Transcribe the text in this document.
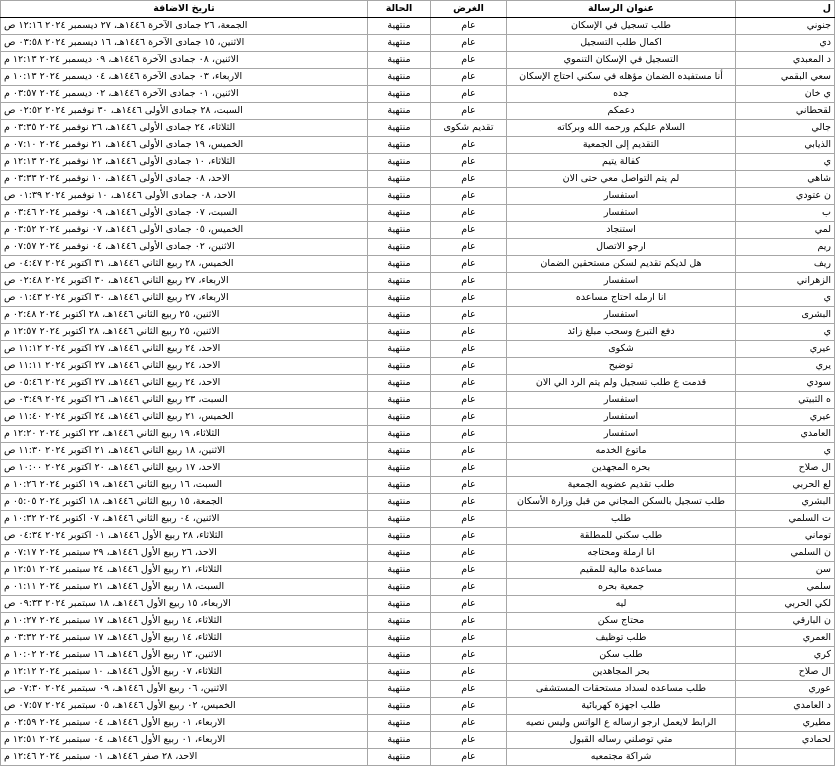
تاريخ الاضافة	الحالة	الغرض	عنوان الرسالة	ل
الجمعة، ٢٦ جمادى الآخرة ١٤٤٦هـ، ٢٧ ديسمبر ٢٠٢٤ ١٢:١٦ ص	منتهية	عام	طلب تسجيل في الإسكان	جنوني
الاثنين، ١٥ جمادى الآخرة ١٤٤٦هـ، ١٦ ديسمبر ٢٠٢٤ ٠٣:٥٨ ص	منتهية	عام	اكمال طلب التسجيل	دي
الاثنين، ٠٨ جمادى الآخرة ١٤٤٦هـ، ٠٩ ديسمبر ٢٠٢٤ ١٢:١٣ م	منتهية	عام	التسجيل في الإسكان التنموي	د المعبدي
الاربعاء، ٠٣ جمادى الآخرة ١٤٤٦هـ، ٠٤ ديسمبر ٢٠٢٤ ١٠:١٣ م	منتهية	عام	أنا مستفيده الضمان مؤهله في سكني احتاج الإسكان	سعي البقمي
الاثنين، ٠١ جمادى الآخرة ١٤٤٦هـ، ٠٢ ديسمبر ٢٠٢٤ ٠٣:٥٧ م	منتهية	عام	جده	ي خان
السبت، ٢٨ جمادى الأولى ١٤٤٦هـ، ٣٠ نوفمبر ٢٠٢٤ ٠٢:٥٢ ص	منتهية	عام	دعمكم	لقحطاني
الثلاثاء، ٢٤ جمادى الأولى ١٤٤٦هـ، ٢٦ نوفمبر ٢٠٢٤ ٠٣:٣٥ م	منتهية	تقديم شكوى	السلام عليكم ورحمه الله وبركاته	جالي
الخميس، ١٩ جمادى الأولى ١٤٤٦هـ، ٢١ نوفمبر ٢٠٢٤ ٠٧:١٠ م	منتهية	عام	التقديم إلى الجمعية	الذيابي
الثلاثاء، ١٠ جمادى الأولى ١٤٤٦هـ، ١٢ نوفمبر ٢٠٢٤ ١٢:١٣ م	منتهية	عام	كفالة يتيم	ي
الاحد، ٠٨ جمادى الأولى ١٤٤٦هـ، ١٠ نوفمبر ٢٠٢٤ ٠٣:٣٣ م	منتهية	عام	لم يتم التواصل معي حتى الان	شاهي
الاحد، ٠٨ جمادى الأولى ١٤٤٦هـ، ١٠ نوفمبر ٢٠٢٤ ٠١:٣٩ ص	منتهية	عام	استفسار	ن عتودي
السبت، ٠٧ جمادى الأولى ١٤٤٦هـ، ٠٩ نوفمبر ٢٠٢٤ ٠٣:٤٦ م	منتهية	عام	استفسار	ب
الخميس، ٠٥ جمادى الأولى ١٤٤٦هـ، ٠٧ نوفمبر ٢٠٢٤ ٠٣:٥٢ م	منتهية	عام	استنجاد	لمي
الاثنين، ٠٢ جمادى الأولى ١٤٤٦هـ، ٠٤ نوفمبر ٢٠٢٤ ٠٧:٥٧ م	منتهية	عام	ارجو الاتصال	ريم
الخميس، ٢٨ ربيع الثاني ١٤٤٦هـ، ٣١ اكتوبر ٢٠٢٤ ٠٤:٤٧ ص	منتهية	عام	هل لديكم تقديم لسكن مستحقين الضمان	ريف
الاربعاء، ٢٧ ربيع الثاني ١٤٤٦هـ، ٣٠ اكتوبر ٢٠٢٤ ٠٢:٤٨ ص	منتهية	عام	استفسار	الزهراني
الاربعاء، ٢٧ ربيع الثاني ١٤٤٦هـ، ٣٠ اكتوبر ٢٠٢٤ ٠١:٤٣ ص	منتهية	عام	انا ارمله احتاج مساعده	ي
الاثنين، ٢٥ ربيع الثاني ١٤٤٦هـ، ٢٨ اكتوبر ٢٠٢٤ ٠٢:٤٨ م	منتهية	عام	استفسار	البشرى
الاثنين، ٢٥ ربيع الثاني ١٤٤٦هـ، ٢٨ اكتوبر ٢٠٢٤ ١٢:٥٧ م	منتهية	عام	دفع التبرع وسحب مبلغ زائد	ي
الاحد، ٢٤ ربيع الثاني ١٤٤٦هـ، ٢٧ اكتوبر ٢٠٢٤ ١١:١٢ ص	منتهية	عام	شكوى	عيري
الاحد، ٢٤ ربيع الثاني ١٤٤٦هـ، ٢٧ اكتوبر ٢٠٢٤ ١١:١١ ص	منتهية	عام	توضيح	يري
الاحد، ٢٤ ربيع الثاني ١٤٤٦هـ، ٢٧ اكتوبر ٢٠٢٤ ٠٥:٤٦ ص	منتهية	عام	قدمت ع طلب تسجيل ولم يتم الرد الي الان	سودي
السبت، ٢٣ ربيع الثاني ١٤٤٦هـ، ٢٦ اكتوبر ٢٠٢٤ ٠٣:٤٩ ص	منتهية	عام	استفسار	ه الثبيتي
الخميس، ٢١ ربيع الثاني ١٤٤٦هـ، ٢٤ اكتوبر ٢٠٢٤ ١١:٤٠ ص	منتهية	عام	استفسار	عيري
الثلاثاء، ١٩ ربيع الثاني ١٤٤٦هـ، ٢٢ اكتوبر ٢٠٢٤ ١٢:٢٠ م	منتهية	عام	استفسار	العامدي
الاثنين، ١٨ ربيع الثاني ١٤٤٦هـ، ٢١ اكتوبر ٢٠٢٤ ١١:٣٠ ص	منتهية	عام	ماتوع الخدمه	ي
الاحد، ١٧ ربيع الثاني ١٤٤٦هـ، ٢٠ اكتوبر ٢٠٢٤ ١٠:٠٠ ص	منتهية	عام	بحره المجهدين	ال صلاح
السبت، ١٦ ربيع الثاني ١٤٤٦هـ، ١٩ اكتوبر ٢٠٢٤ ١٠:٢٦ م	منتهية	عام	طلب تقديم عضويه الجمعية	لع الحربي
الجمعة، ١٥ ربيع الثاني ١٤٤٦هـ، ١٨ اكتوبر ٢٠٢٤ ٠٥:٠٥ م	منتهية	عام	طلب تسجيل بالسكن المجاني من قبل وزارة الأسكان	البشري
الاثنين، ٠٤ ربيع الثاني ١٤٤٦هـ، ٠٧ اكتوبر ٢٠٢٤ ١٠:٣٢ م	منتهية	عام	طلب	ت السلمي
الثلاثاء، ٢٨ ربيع الأول ١٤٤٦هـ، ٠١ اكتوبر ٢٠٢٤ ٠٤:٣٤ ص	منتهية	عام	طلب سكني للمطلقة	توماني
الاحد، ٢٦ ربيع الأول ١٤٤٦هـ، ٢٩ سبتمبر ٢٠٢٤ ٠٧:١٧ م	منتهية	عام	انا ارملة ومحتاجه	ن السلمي
الثلاثاء، ٢١ ربيع الأول ١٤٤٦هـ، ٢٤ سبتمبر ٢٠٢٤ ١٢:٥١ م	منتهية	عام	مساعدة مالية للمقيم	سن
السبت، ١٨ ربيع الأول ١٤٤٦هـ، ٢١ سبتمبر ٢٠٢٤ ٠١:١١ م	منتهية	عام	جمعية بحره	سلمي
الاربعاء، ١٥ ربيع الأول ١٤٤٦هـ، ١٨ سبتمبر ٢٠٢٤ ٠٩:٣٣ ص	منتهية	عام	ليه	لكي الحربي
الثلاثاء، ١٤ ربيع الأول ١٤٤٦هـ، ١٧ سبتمبر ٢٠٢٤ ١٠:٢٧ م	منتهية	عام	محتاج سكن	ن البارقي
الثلاثاء، ١٤ ربيع الأول ١٤٤٦هـ، ١٧ سبتمبر ٢٠٢٤ ٠٣:٣٢ م	منتهية	عام	طلب توظيف	العمري
الاثنين، ١٣ ربيع الأول ١٤٤٦هـ، ١٦ سبتمبر ٢٠٢٤ ١٠:٠٢ م	منتهية	عام	طلب سكن	كري
الثلاثاء، ٠٧ ربيع الأول ١٤٤٦هـ، ١٠ سبتمبر ٢٠٢٤ ١٢:١٢ م	منتهية	عام	بحر المجاهدين	ال صلاح
الاثنين، ٠٦ ربيع الأول ١٤٤٦هـ، ٠٩ سبتمبر ٢٠٢٤ ٠٧:٣٠ ص	منتهية	عام	طلب مساعده لسداد مستحقات المستشفى	عوري
الخميس، ٠٢ ربيع الأول ١٤٤٦هـ، ٠٥ سبتمبر ٢٠٢٤ ٠٧:٥٧ ص	منتهية	عام	طلب اجهزة كهربائية	د العامدي
الاربعاء، ٠١ ربيع الأول ١٤٤٦هـ، ٠٤ سبتمبر ٢٠٢٤ ٠٢:٥٩ م	منتهية	عام	الرابط لايعمل ارجو ارساله ع الواتس وليس نصيه	مطيري
الاربعاء، ٠١ ربيع الأول ١٤٤٦هـ، ٠٤ سبتمبر ٢٠٢٤ ١٢:٥١ م	منتهية	عام	متي توصلني رساله القبول	لحمادي
الاحد، ٢٨ صفر ١٤٤٦هـ، ٠١ سبتمبر ٢٠٢٤ ١٢:٤٦ م	منتهية	عام	شراكة مجتمعيه	
